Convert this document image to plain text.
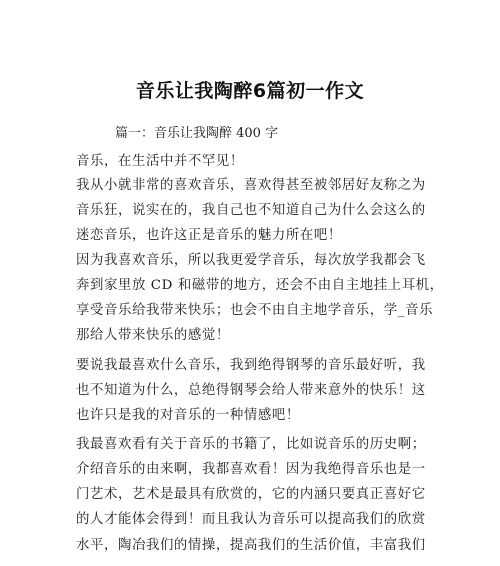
音乐让我陶醉6篇初一作文

篇一：音乐让我陶醉 400 字

音乐，在生活中并不罕见！

我从小就非常的喜欢音乐，喜欢得甚至被邻居好友称之为

音乐狂，说实在的，我自己也不知道自己为什么会这么的

迷恋音乐，也许这正是音乐的魅力所在吧！

因为我喜欢音乐，所以我更爱学音乐，每次放学我都会飞

奔到家里放 CD 和磁带的地方，还会不由自主地挂上耳机，

享受音乐给我带来快乐；也会不由自主地学音乐，学_音乐

那给人带来快乐的感觉！

要说我最喜欢什么音乐，我到绝得钢琴的音乐最好听，我

也不知道为什么，总绝得钢琴会给人带来意外的快乐！这

也许只是我的对音乐的一种情感吧！

我最喜欢看有关于音乐的书籍了，比如说音乐的历史啊；

介绍音乐的由来啊，我都喜欢看！因为我绝得音乐也是一

门艺术，艺术是最具有欣赏的，它的内涵只要真正喜好它

的人才能体会得到！而且我认为音乐可以提高我们的欣赏

水平，陶冶我们的情操，提高我们的生活价值，丰富我们
